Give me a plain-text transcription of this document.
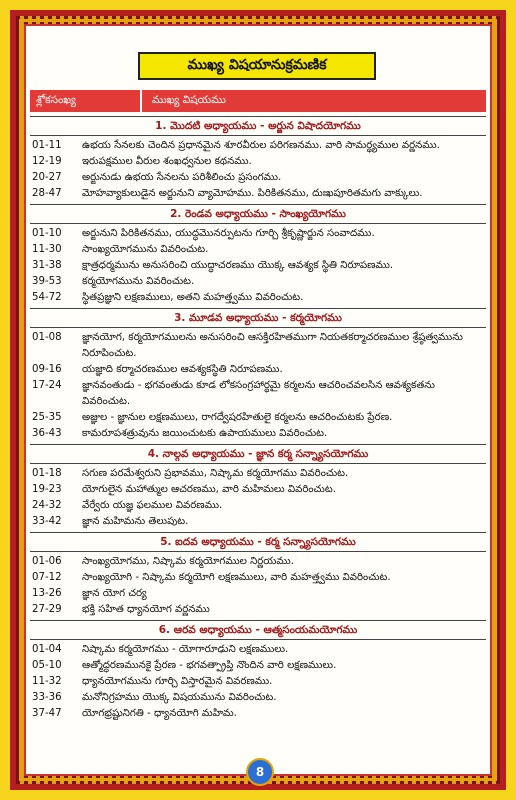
ముఖ్య విషయానుక్రమణిక
శ్లోకసంఖ్య	ముఖ్య విషయము
1. మొదటి అధ్యాయము - అర్జున విషాదయోగము
01-11	ఉభయ సేనలకు చెందిన ప్రధానమైన శూరవీరుల పరిగణనము. వారి సామర్థ్యముల వర్ణనము.
12-19	ఇరుపక్షముల వీరుల శంఖధ్వనుల కథనము.
20-27	అర్జునుడు ఉభయ సేనలను పరిశీలించు ప్రసంగము.
28-47	మోహవ్యాకులుడైన అర్జునుని వ్యామోహము. పిరికితనము, దుఃఖపూరితమగు వాక్కులు.
2. రెండవ అధ్యాయము - సాంఖ్యయోగము
01-10	అర్జునుని పిరికితనము, యుద్ధమొనర్పుటను గూర్చి శ్రీకృష్ణార్జున సంవాదము.
11-30	సాంఖ్యయోగమును వివరించుట.
31-38	క్షాత్రధర్మమును అనుసరించి యుద్ధాచరణము యొక్క ఆవశ్యక స్థితి నిరూపణము.
39-53	కర్మయోగమును వివరించుట.
54-72	స్థితప్రజ్ఞుని లక్షణములు, అతని మహత్త్వము వివరించుట.
3. మూడవ అధ్యాయము - కర్మయోగము
01-08	జ్ఞానయోగ, కర్మయోగములను అనుసరించి ఆసక్తిరహితముగా నియతకర్మాచరణముల శ్రేష్ఠత్వమును నిరూపించుట.
09-16	యజ్ఞాది కర్మాచరణముల ఆవశ్యకస్థితి నిరూపణము.
17-24	జ్ఞానవంతుడు - భగవంతుడు కూడ లోకసంగ్రహార్థమై కర్మలను ఆచరించవలసిన ఆవశ్యకతను వివరించుట.
25-35	అజ్ఞుల - జ్ఞానుల లక్షణములు, రాగద్వేషరహితులై కర్మలను ఆచరించుటకు ప్రేరణ.
36-43	కామరూపశత్రువును జయించుటకు ఉపాయములు వివరించుట.
4. నాల్గవ అధ్యాయము - జ్ఞాన కర్మ సన్న్యాసయోగము
01-18	సగుణ పరమేశ్వరుని ప్రభావము, నిష్కామ కర్మయోగము వివరించుట.
19-23	యోగులైన మహాత్ముల ఆచరణము, వారి మహిమలు వివరించుట.
24-32	వేర్వేరు యజ్ఞ ఫలముల వివరణము.
33-42	జ్ఞాన మహిమను తెలుపుట.
5. ఐదవ అధ్యాయము - కర్మ సన్న్యాసయోగము
01-06	సాంఖ్యయోగము, నిష్కామ కర్మయోగముల నిర్ణయము.
07-12	సాంఖ్యయోగి - నిష్కామ కర్మయోగి లక్షణములు, వారి మహత్త్వము వివరించుట.
13-26	జ్ఞాన యోగ చర్య
27-29	భక్తి సహిత ధ్యానయోగ వర్ణనము
6. ఆరవ అధ్యాయము - ఆత్మసంయమయోగము
01-04	నిష్కామ కర్మయోగము - యోగారూఢుని లక్షణములు.
05-10	ఆత్మోద్ధరణమునకై ప్రేరణ - భగవత్ప్రాప్తి నొందిన వారి లక్షణములు.
11-32	ధ్యానయోగమును గూర్చి విస్తారమైన వివరణము.
33-36	మనోనిగ్రహము యొక్క విషయమును వివరించుట.
37-47	యోగభ్రష్టునిగతి - ధ్యానయోగి మహిమ.
8
